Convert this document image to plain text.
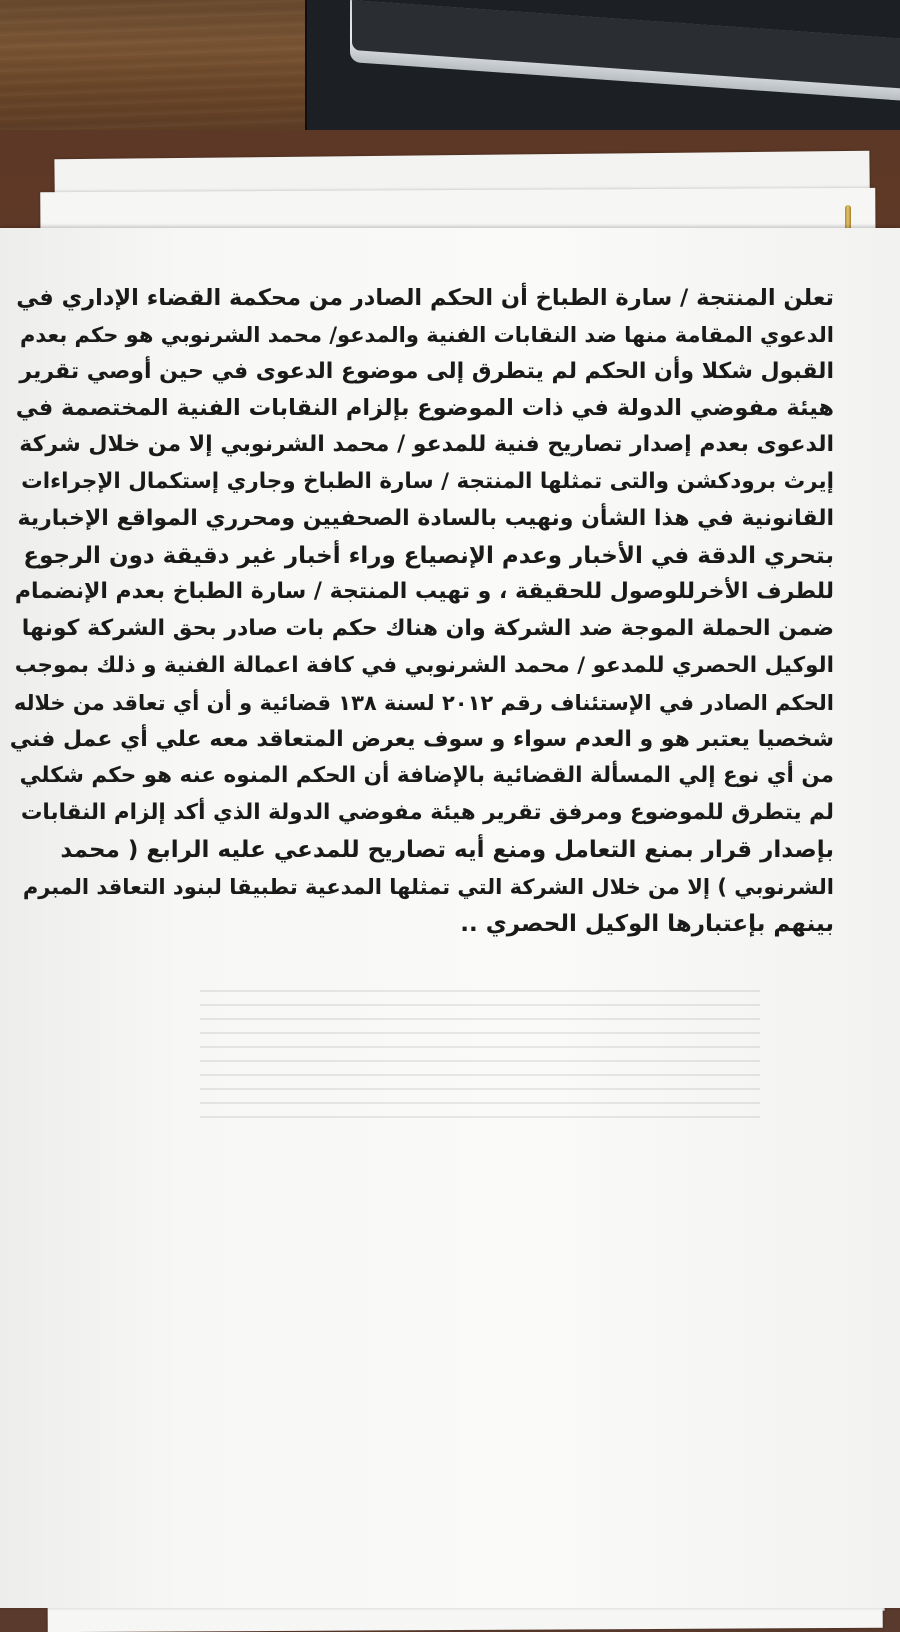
تعلن المنتجة / سارة الطباخ أن الحكم الصادر من محكمة القضاء الإداري في
الدعوي المقامة منها ضد النقابات الفنية والمدعو/ محمد الشرنوبي هو حكم بعدم
القبول شكلا وأن الحكم لم يتطرق إلى موضوع الدعوى في حين أوصي تقرير
هيئة مفوضي الدولة في ذات الموضوع بإلزام النقابات الفنية المختصمة في
الدعوى بعدم إصدار تصاريح فنية للمدعو / محمد الشرنوبي إلا من خلال شركة
إيرث برودكشن والتى تمثلها المنتجة / سارة الطباخ وجاري إستكمال الإجراءات
القانونية في هذا الشأن ونهيب بالسادة الصحفيين ومحرري المواقع الإخبارية
بتحري الدقة في الأخبار وعدم الإنصياع وراء أخبار غير دقيقة دون الرجوع
للطرف الأخرللوصول للحقيقة ، و تهيب المنتجة / سارة الطباخ بعدم الإنضمام
ضمن الحملة الموجة ضد الشركة وان هناك حكم بات صادر بحق الشركة كونها
الوكيل الحصري للمدعو / محمد الشرنوبي في كافة اعمالة الفنية و ذلك بموجب
الحكم الصادر في الإستئناف رقم ٢٠١٢ لسنة ١٣٨ قضائية و أن أي تعاقد من خلاله
شخصيا يعتبر هو و العدم سواء و سوف يعرض المتعاقد معه علي أي عمل فني
من أي نوع إلي المسألة القضائية بالإضافة أن الحكم المنوه عنه هو حكم شكلي
لم يتطرق للموضوع ومرفق تقرير هيئة مفوضي الدولة الذي أكد إلزام النقابات
بإصدار قرار بمنع التعامل ومنع أيه تصاريح للمدعي عليه الرابع ( محمد
الشرنوبي ) إلا من خلال الشركة التي تمثلها المدعية تطبيقا لبنود التعاقد المبرم
بينهم بإعتبارها الوكيل الحصري ..
